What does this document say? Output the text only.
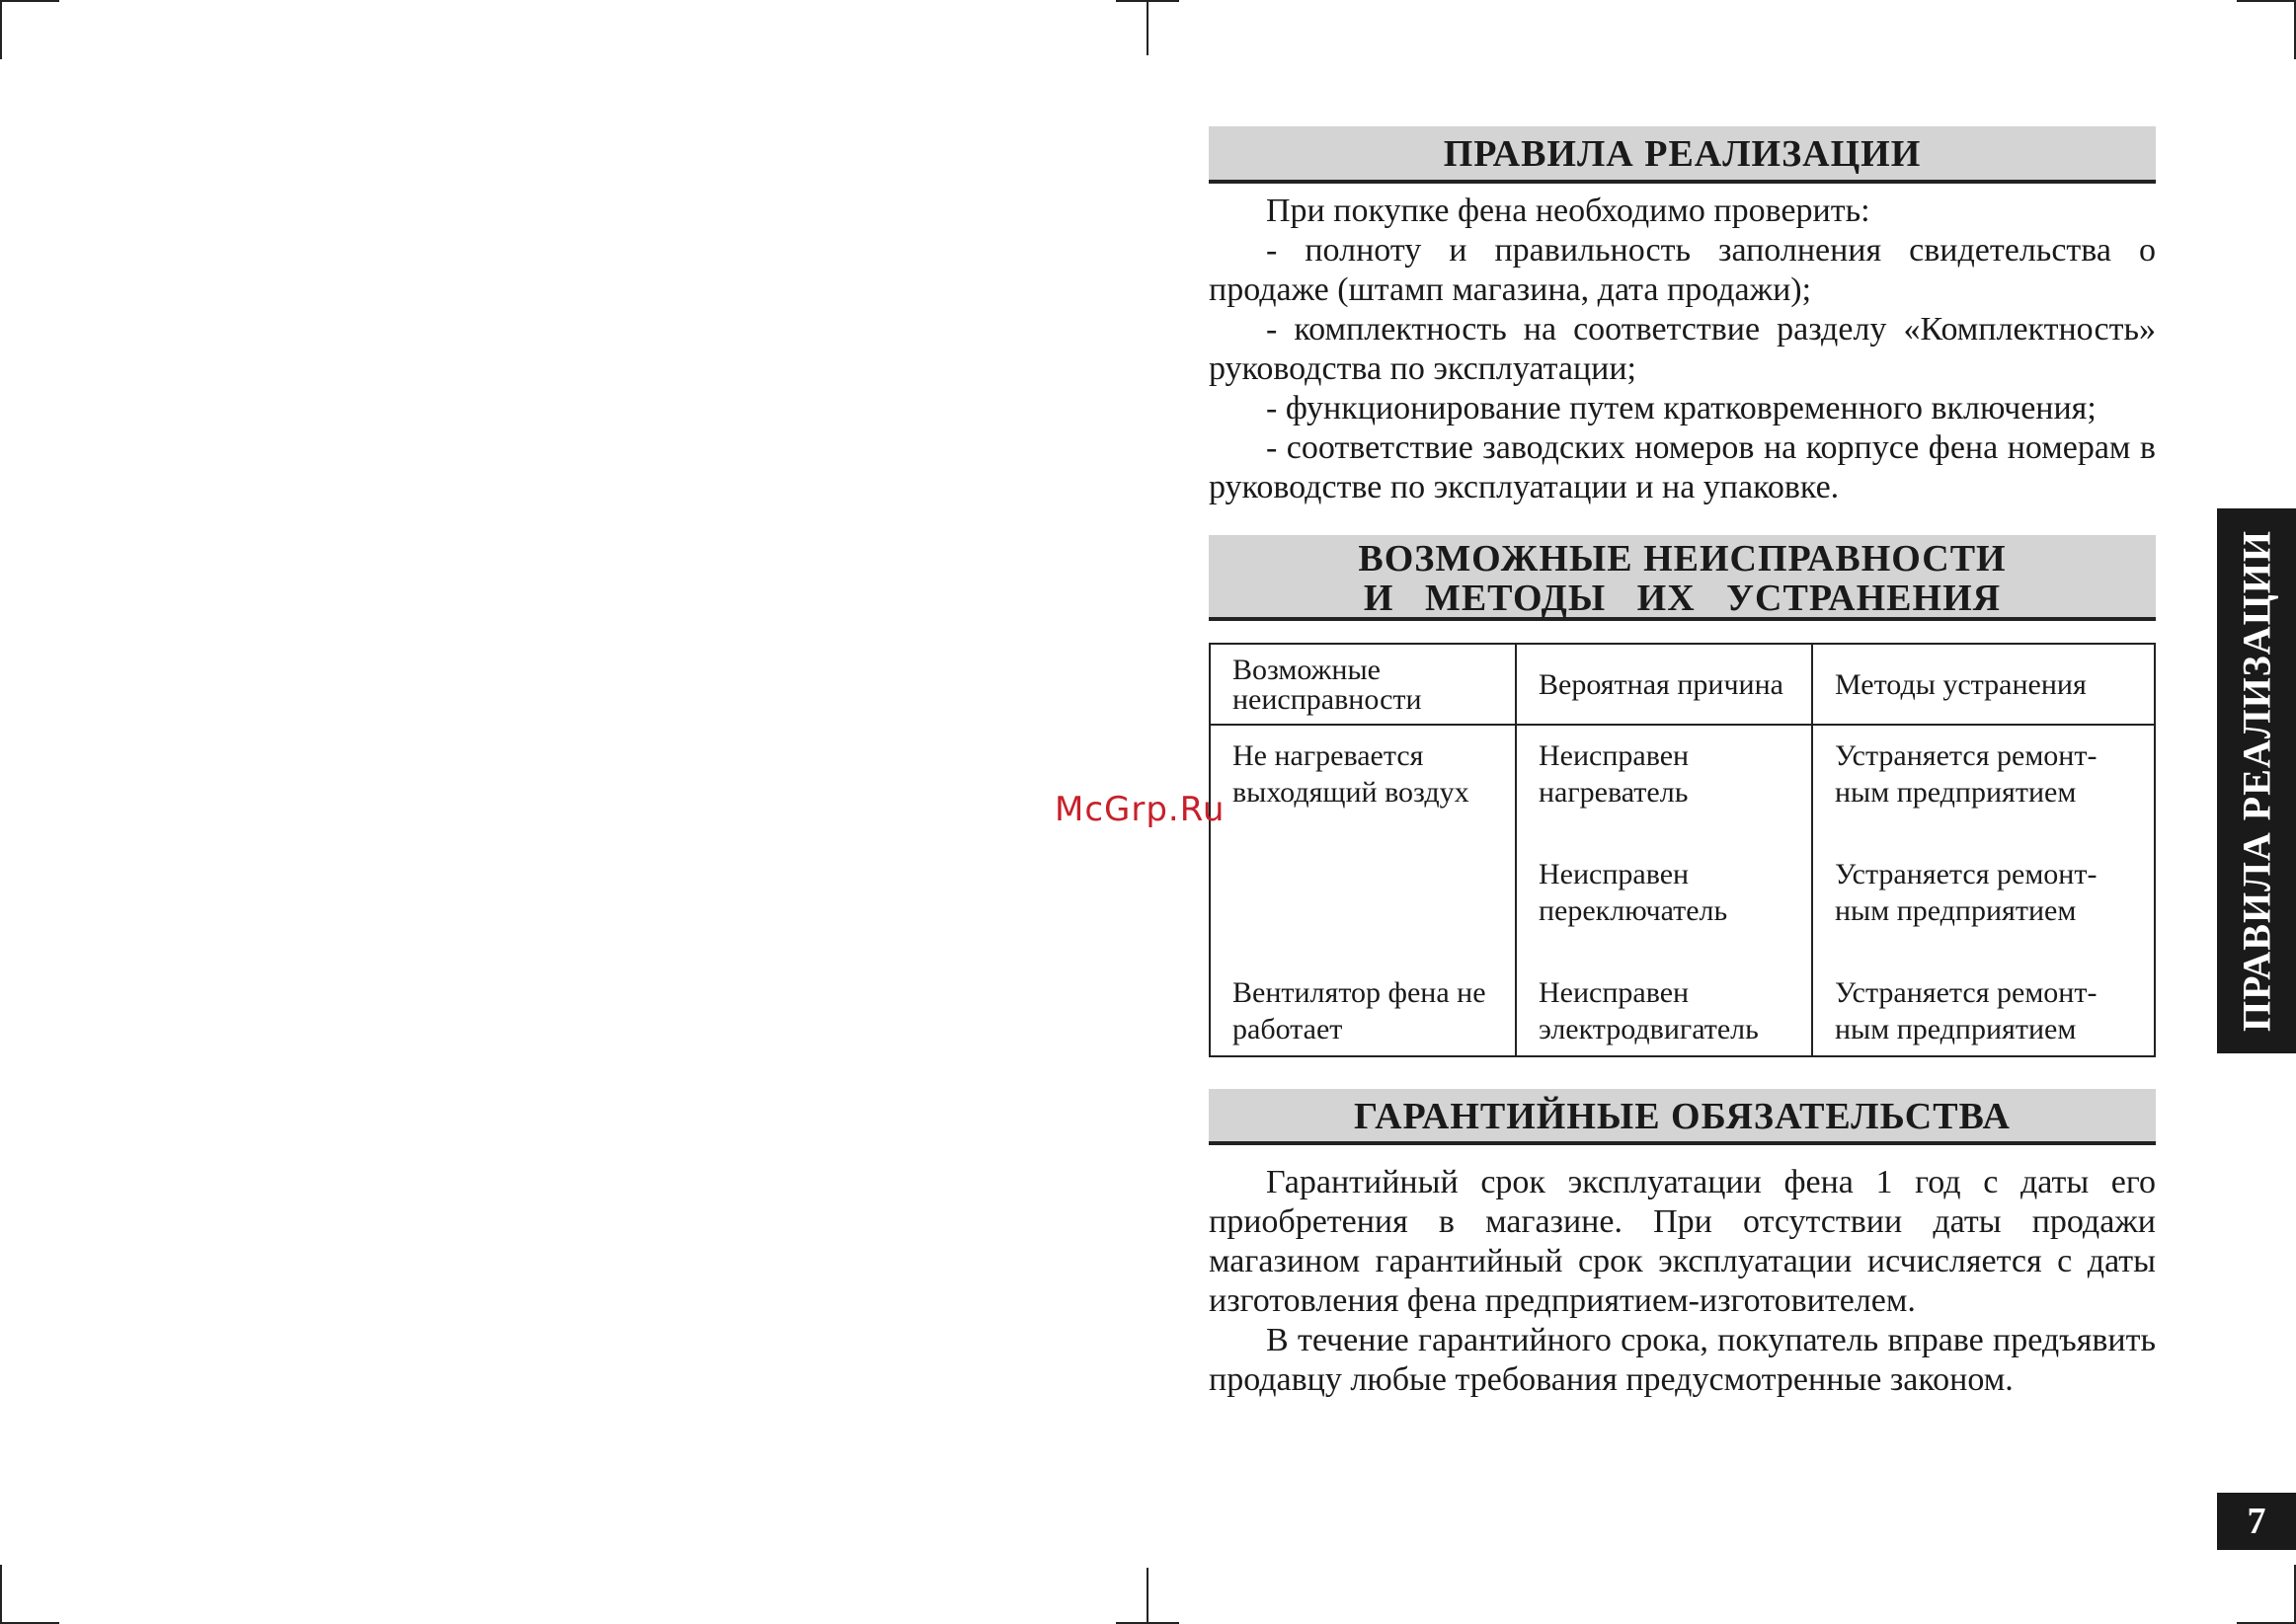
ПРАВИЛА РЕАЛИЗАЦИИ

При покупке фена необходимо проверить:

- полноту и правильность заполнения свидетельства о продаже (штамп магазина, дата продажи);

- комплектность на соответствие разделу «Комплектность» руководства по эксплуатации;

- функционирование путем кратковременного включения;

- соответствие заводских номеров на корпусе фена номерам в руководстве по эксплуатации и на упаковке.

ВОЗМОЖНЫЕ НЕИСПРАВНОСТИ
И   МЕТОДЫ   ИХ   УСТРАНЕНИЯ
Возможные неисправности	Вероятная причина	Методы устранения
Не нагревается выходящий воздух	Неисправен нагреватель	Устраняется ремонт-ным предприятием
	Неисправен переключатель	Устраняется ремонт-ным предприятием
Вентилятор фена не работает	Неисправен электродвигатель	Устраняется ремонт-ным предприятием
ГАРАНТИЙНЫЕ ОБЯЗАТЕЛЬСТВА

Гарантийный срок эксплуатации фена 1 год с даты его приобретения в магазине. При отсутствии даты продажи магазином гарантийный срок эксплуатации исчисляется с даты изготовления фена предприятием-изготовителем.

В течение гарантийного срока, покупатель вправе предъявить продавцу любые требования предусмотренные законом.

ПРАВИЛА РЕАЛИЗАЦИИ
7
McGrp.Ru
